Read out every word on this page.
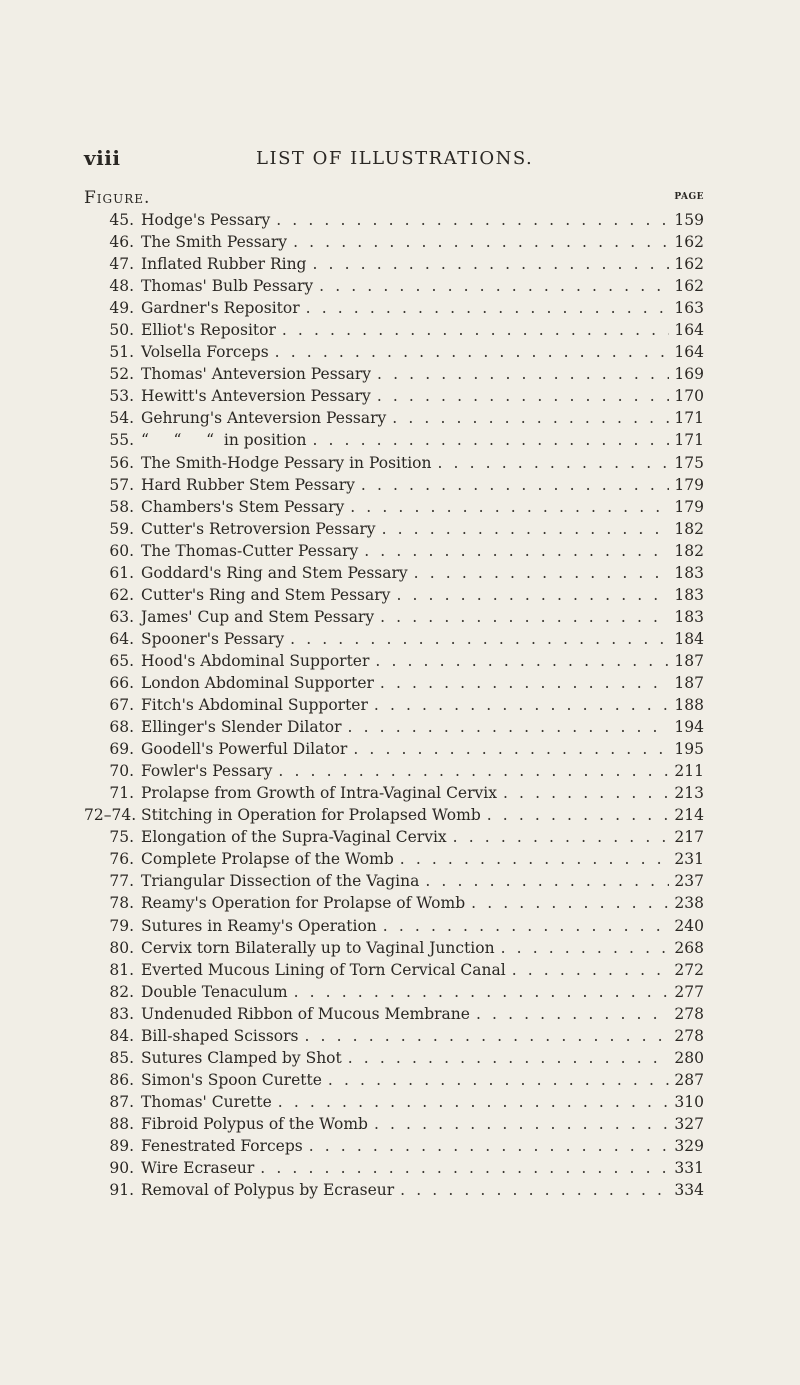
viii	LIST OF ILLUSTRATIONS.
Figure.	PAGE
45. Hodge's Pessary . . .	159
46. The Smith Pessary . . .	162
47. Inflated Rubber Ring . . .	162
48. Thomas' Bulb Pessary . . .	162
49. Gardner's Repositor . . .	163
50. Elliot's Repositor . . .	164
51. Volsella Forceps . . .	164
52. Thomas' Anteversion Pessary . . .	169
53. Hewitt's Anteversion Pessary . . .	170
54. Gehrung's Anteversion Pessary . . .	171
55. “     “     “  in position . . .	171
56. The Smith-Hodge Pessary in Position . . .	175
57. Hard Rubber Stem Pessary . . .	179
58. Chambers's Stem Pessary . . .	179
59. Cutter's Retroversion Pessary . . .	182
60. The Thomas-Cutter Pessary . . .	182
61. Goddard's Ring and Stem Pessary . . .	183
62. Cutter's Ring and Stem Pessary . . .	183
63. James' Cup and Stem Pessary . . .	183
64. Spooner's Pessary . . .	184
65. Hood's Abdominal Supporter . . .	187
66. London Abdominal Supporter . . .	187
67. Fitch's Abdominal Supporter . . .	188
68. Ellinger's Slender Dilator . . .	194
69. Goodell's Powerful Dilator . . .	195
70. Fowler's Pessary . . .	211
71. Prolapse from Growth of Intra-Vaginal Cervix . . .	213
72–74. Stitching in Operation for Prolapsed Womb . . .	214
75. Elongation of the Supra-Vaginal Cervix . . .	217
76. Complete Prolapse of the Womb . . .	231
77. Triangular Dissection of the Vagina . . .	237
78. Reamy's Operation for Prolapse of Womb . . .	238
79. Sutures in Reamy's Operation . . .	240
80. Cervix torn Bilaterally up to Vaginal Junction . . .	268
81. Everted Mucous Lining of Torn Cervical Canal . . .	272
82. Double Tenaculum . . .	277
83. Undenuded Ribbon of Mucous Membrane . . .	278
84. Bill-shaped Scissors . . .	278
85. Sutures Clamped by Shot . . .	280
86. Simon's Spoon Curette . . .	287
87. Thomas' Curette . . .	310
88. Fibroid Polypus of the Womb . . .	327
89. Fenestrated Forceps . . .	329
90. Wire Ecraseur . . .	331
91. Removal of Polypus by Ecraseur . . .	334
